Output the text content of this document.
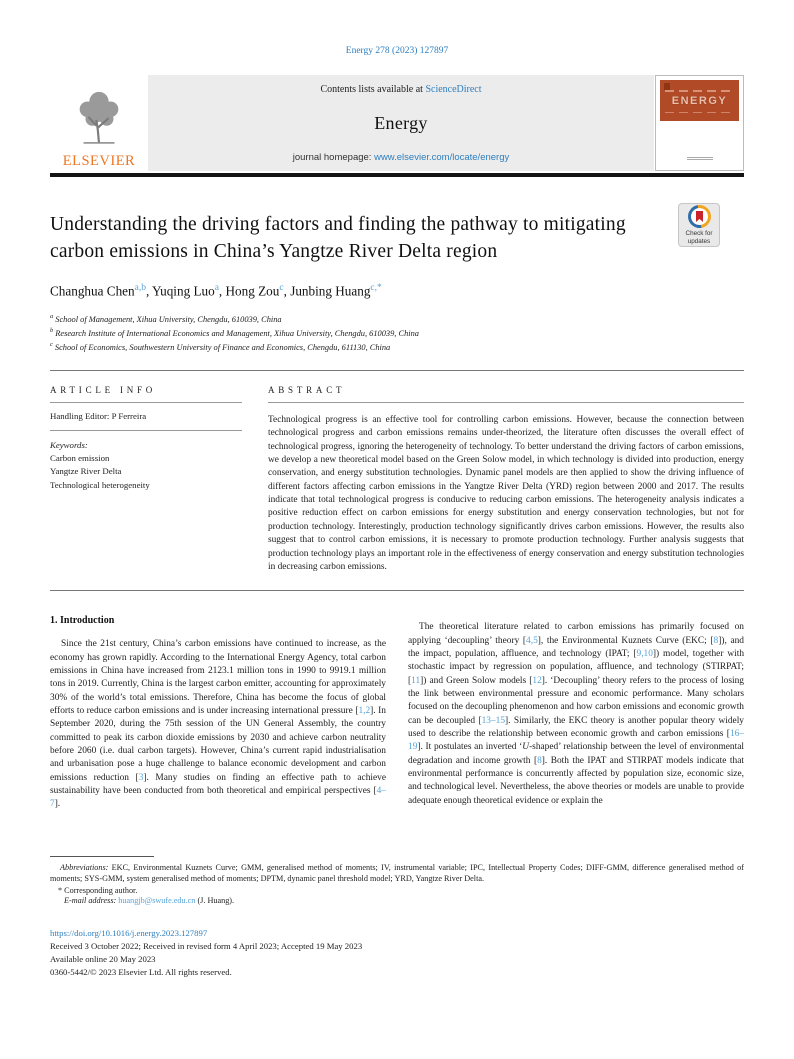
Energy 278 (2023) 127897
ELSEVIER
Contents lists available at ScienceDirect
Energy
journal homepage: www.elsevier.com/locate/energy
ENERGY
Understanding the driving factors and finding the pathway to mitigating carbon emissions in China’s Yangtze River Delta region
Check for
updates
Changhua Chen$^{a,b}$, Yuqing Luo$^a$, Hong Zou$^c$, Junbing Huang$^{c,*}$
$^a$ School of Management, Xihua University, Chengdu, 610039, China
$^b$ Research Institute of International Economics and Management, Xihua University, Chengdu, 610039, China
$^c$ School of Economics, Southwestern University of Finance and Economics, Chengdu, 611130, China
ARTICLE INFO
Handling Editor: P Ferreira
Keywords:
Carbon emission
Yangtze River Delta
Technological heterogeneity
ABSTRACT
Technological progress is an effective tool for controlling carbon emissions. However, because the connection between technological progress and carbon emissions remains under-theorized, the literature often discusses the overall effect of technological progress, ignoring the heterogeneity of technology. To better understand the driving factors of carbon emissions, we develop a new theoretical model based on the Green Solow model, in which technology is divided into production, energy conservation, and energy substitution technologies. Dynamic panel models are then applied to show the driving influence of different factors affecting carbon emissions in the Yangtze River Delta (YRD) region between 2000 and 2017. The results indicate that total technological progress is conducive to reducing carbon emissions. The heterogeneity analysis indicates a positive reduction effect on carbon emissions for energy substitution and energy conservation technologies, but not for production technology. Interestingly, production technology significantly drives carbon emissions. However, the results also suggest that to control carbon emissions, it is necessary to promote production technology. Further analysis suggests that production technology plays an important role in the effectiveness of energy conservation and energy substitution technologies in decreasing carbon emissions.
1. Introduction
Since the 21st century, China’s carbon emissions have continued to increase, as the economy has grown rapidly. According to the International Energy Agency, total carbon emissions in China have increased from 2123.1 million tons in 1990 to 9919.1 million tons in 2019. Currently, China is the largest carbon emitter, accounting for approximately 30% of the world’s total emissions. Therefore, China has become the focus of global efforts to reduce carbon emissions and is under increasing international pressure [1,2]. In September 2020, during the 75th session of the UN General Assembly, the country committed to peak its carbon dioxide emissions by 2030 and achieve carbon neutrality before 2060 (i.e. dual carbon targets). However, China’s current rapid industrialisation and urbanisation pose a huge challenge to balance economic development and carbon emissions reduction [3]. Many studies on finding an effective path to achieve sustainability have been conducted from both theoretical and empirical perspectives [4–7].
The theoretical literature related to carbon emissions has primarily focused on applying ‘decoupling’ theory [4,5], the Environmental Kuznets Curve (EKC; [8]), and the impact, population, affluence, and technology (IPAT; [9,10]) model, together with stochastic impact by regression on population, affluence, and technology (STIRPAT; [11]) and Green Solow models [12]. ‘Decoupling’ theory refers to the process of losing the link between environmental pressure and economic performance. Many scholars focused on the decoupling phenomenon and how carbon emissions and economic growth can be decoupled [13–15]. Similarly, the EKC theory is another popular theory widely used to describe the relationship between economic growth and carbon emissions [16–19]. It postulates an inverted ‘U-shaped’ relationship between the level of environmental degradation and income growth [8]. Both the IPAT and STIRPAT models indicate that environmental performance is concurrently affected by population size, economic size, and technological level. Nevertheless, the above theories or models are unable to provide adequate enough theoretical evidence or explain the
Abbreviations: EKC, Environmental Kuznets Curve; GMM, generalised method of moments; IV, instrumental variable; IPC, Intellectual Property Codes; DIFF-GMM, difference generalised method of moments; SYS-GMM, system generalised method of moments; DPTM, dynamic panel threshold model; YRD, Yangtze River Delta.
* Corresponding author.
E-mail address: huangjb@swufe.edu.cn (J. Huang).
https://doi.org/10.1016/j.energy.2023.127897
Received 3 October 2022; Received in revised form 4 April 2023; Accepted 19 May 2023
Available online 20 May 2023
0360-5442/© 2023 Elsevier Ltd. All rights reserved.
